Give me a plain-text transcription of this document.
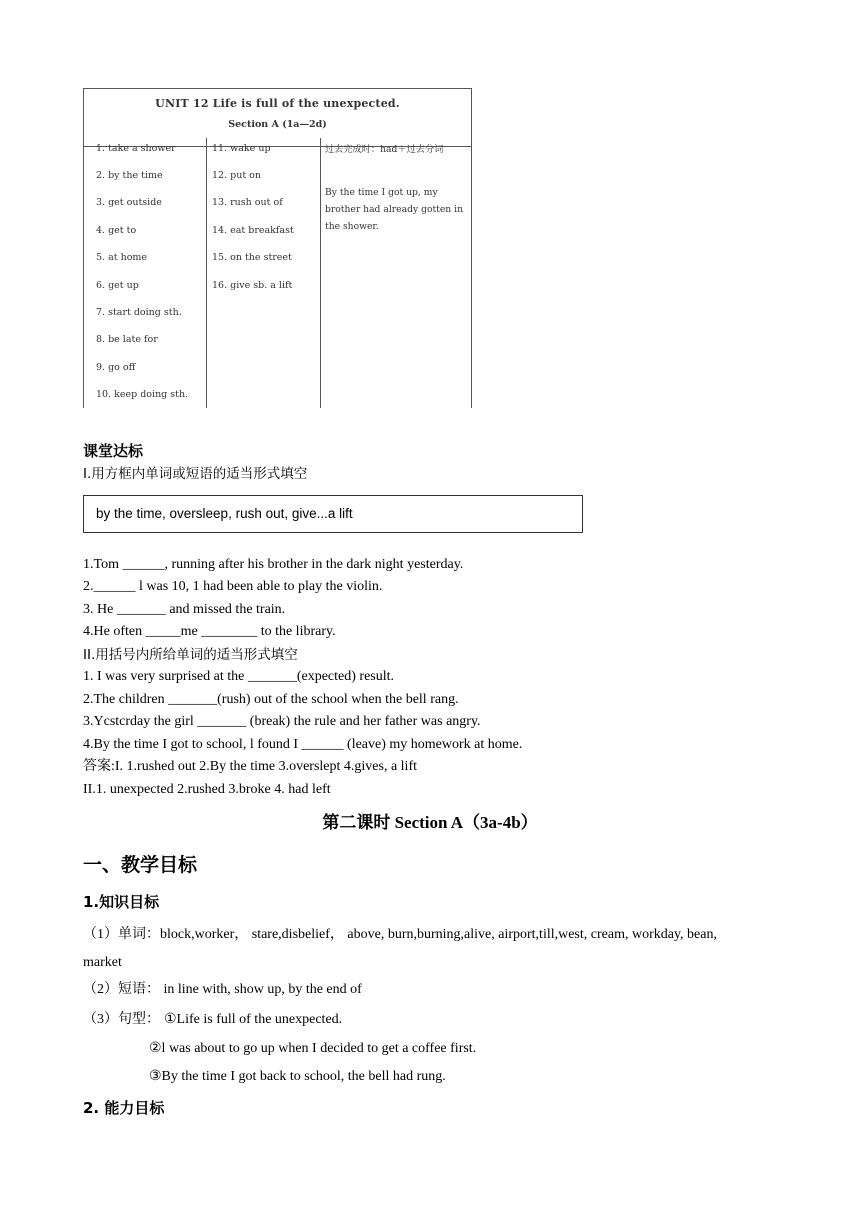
UNIT 12 Life is full of the unexpected.
Section A (1a—2d)
1. take a shower
2. by the time
3. get outside
4. get to
5. at home
6. get up
7. start doing sth.
8. be late for
9. go off
10. keep doing sth.
11. wake up
12. put on
13. rush out of
14. eat breakfast
15. on the street
16. give sb. a lift
过去完成时：had＋过去分词
By the time I got up, my brother had already gotten in the shower.
课堂达标
I.用方框内单词或短语的适当形式填空
by the time, oversleep, rush out, give...a lift
1.Tom ______, running after his brother in the dark night yesterday.
2.______ l was 10, 1 had been able to play the violin.
3. He _______ and missed the train.
4.He often _____me ________ to the library.
II.用括号内所给单词的适当形式填空
1. I was very surprised at the _______(expected) result.
2.The children _______(rush) out of the school when the bell rang.
3.Ycstcrday the girl _______ (break) the rule and her father was angry.
4.By the time I got to school, l found I ______ (leave) my homework at home.
答案:I. 1.rushed out 2.By the time 3.overslept 4.gives, a lift
II.1. unexpected 2.rushed 3.broke 4. had left
第二课时 Section A（3a-4b）
一、教学目标
1.知识目标
（1）单词：block,worker， stare,disbelief， above, burn,burning,alive, airport,till,west, cream, workday, bean,
market
（2）短语： in line with, show up, by the end of
（3）句型： ①Life is full of the unexpected.
②l was about to go up when I decided to get a coffee first.
③By the time I got back to school, the bell had rung.
2. 能力目标
